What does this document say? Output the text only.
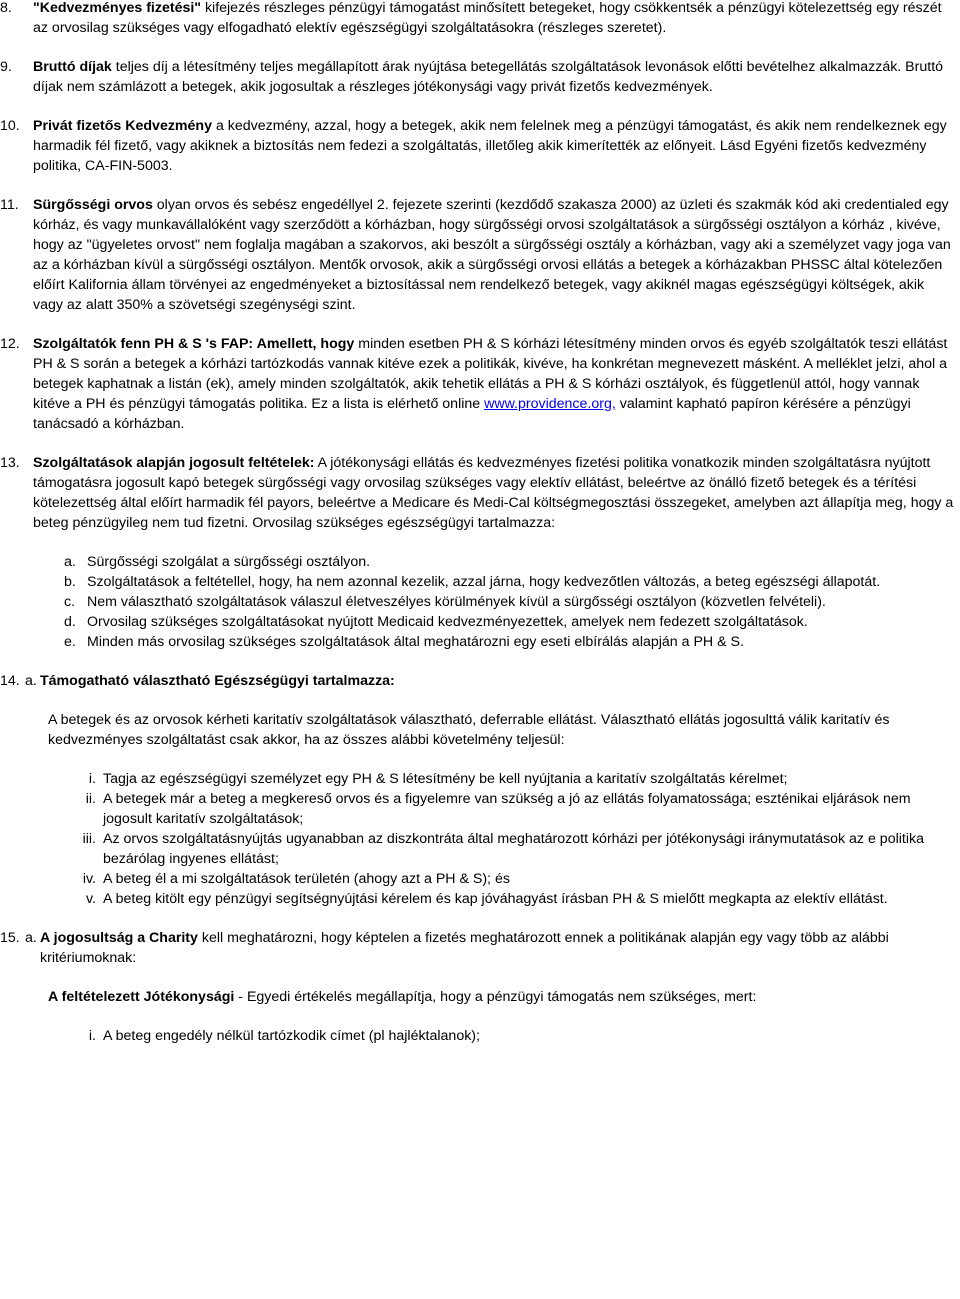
8. "Kedvezményes fizetési" kifejezés részleges pénzügyi támogatást minősített betegeket, hogy csökkentsék a pénzügyi kötelezettség egy részét az orvosilag szükséges vagy elfogadható elektív egészségügyi szolgáltatásokra (részleges szeretet).
9. Bruttó díjak teljes díj a létesítmény teljes megállapított árak nyújtása betegellátás szolgáltatások levonások előtti bevételhez alkalmazzák. Bruttó díjak nem számlázott a betegek, akik jogosultak a részleges jótékonysági vagy privát fizetős kedvezmények.
10. Privát fizetős Kedvezmény a kedvezmény, azzal, hogy a betegek, akik nem felelnek meg a pénzügyi támogatást, és akik nem rendelkeznek egy harmadik fél fizető, vagy akiknek a biztosítás nem fedezi a szolgáltatás, illetőleg akik kimerítették az előnyeit. Lásd Egyéni fizetős kedvezmény politika, CA-FIN-5003.
11. Sürgősségi orvos olyan orvos és sebész engedéllyel 2. fejezete szerinti (kezdődő szakasza 2000) az üzleti és szakmák kód aki credentialed egy kórház, és vagy munkavállalóként vagy szerződött a kórházban, hogy sürgősségi orvosi szolgáltatások a sürgősségi osztályon a kórház , kivéve, hogy az "ügyeletes orvost" nem foglalja magában a szakorvos, aki beszólt a sürgősségi osztály a kórházban, vagy aki a személyzet vagy joga van az a kórházban kívül a sürgősségi osztályon. Mentők orvosok, akik a sürgősségi orvosi ellátás a betegek a kórházakban PHSSC által kötelezően előírt Kalifornia állam törvényei az engedményeket a biztosítással nem rendelkező betegek, vagy akiknél magas egészségügyi költségek, akik vagy az alatt 350% a szövetségi szegénységi szint.
12. Szolgáltatók fenn PH & S 's FAP: Amellett, hogy minden esetben PH & S kórházi létesítmény minden orvos és egyéb szolgáltatók teszi ellátást PH & S során a betegek a kórházi tartózkodás vannak kitéve ezek a politikák, kivéve, ha konkrétan megnevezett másként. A melléklet jelzi, ahol a betegek kaphatnak a listán (ek), amely minden szolgáltatók, akik tehetik ellátás a PH & S kórházi osztályok, és függetlenül attól, hogy vannak kitéve a PH és pénzügyi támogatás politika. Ez a lista is elérhető online www.providence.org, valamint kapható papíron kérésére a pénzügyi tanácsadó a kórházban.
13. Szolgáltatások alapján jogosult feltételek: A jótékonysági ellátás és kedvezményes fizetési politika vonatkozik minden szolgáltatásra nyújtott támogatásra jogosult kapó betegek sürgősségi vagy orvosilag szükséges vagy elektív ellátást, beleértve az önálló fizető betegek és a térítési kötelezettség által előírt harmadik fél payors, beleértve a Medicare és Medi-Cal költségmegosztási összegeket, amelyben azt állapítja meg, hogy a beteg pénzügyileg nem tud fizetni. Orvosilag szükséges egészségügyi tartalmazza:
a. Sürgősségi szolgálat a sürgősségi osztályon.
b. Szolgáltatások a feltétellel, hogy, ha nem azonnal kezelik, azzal járna, hogy kedvezőtlen változás, a beteg egészségi állapotát.
c. Nem választható szolgáltatások válaszul életveszélyes körülmények kívül a sürgősségi osztályon (közvetlen felvételi).
d. Orvosilag szükséges szolgáltatásokat nyújtott Medicaid kedvezményezettek, amelyek nem fedezett szolgáltatások.
e. Minden más orvosilag szükséges szolgáltatások által meghatározni egy eseti elbírálás alapján a PH & S.
14. Támogatható választható Egészségügyi tartalmazza:
a.
A betegek és az orvosok kérheti karitatív szolgáltatások választható, deferrable ellátást. Választható ellátás jogosulttá válik karitatív és kedvezményes szolgáltatást csak akkor, ha az összes alábbi követelmény teljesül:
i. Tagja az egészségügyi személyzet egy PH & S létesítmény be kell nyújtania a karitatív szolgáltatás kérelmet;
ii. A betegek már a beteg a megkereső orvos és a figyelemre van szükség a jó az ellátás folyamatossága; eszténikai eljárások nem jogosult karitatív szolgáltatások;
iii. Az orvos szolgáltatásnyújtás ugyanabban az diszkontráta által meghatározott kórházi per jótékonysági iránymutatások az e politika bezárólag ingyenes ellátást;
iv. A beteg él a mi szolgáltatások területén (ahogy azt a PH & S); és
v. A beteg kitölt egy pénzügyi segítségnyújtási kérelem és kap jóváhagyást írásban PH & S mielőtt megkapta az elektív ellátást.
15. A jogosultság a Charity kell meghatározni, hogy képtelen a fizetés meghatározott ennek a politikának alapján egy vagy több az alábbi kritériumoknak:
a.
A feltételezett Jótékonysági - Egyedi értékelés megállapítja, hogy a pénzügyi támogatás nem szükséges, mert:
i. A beteg engedély nélkül tartózkodik címet (pl hajléktalanok);
